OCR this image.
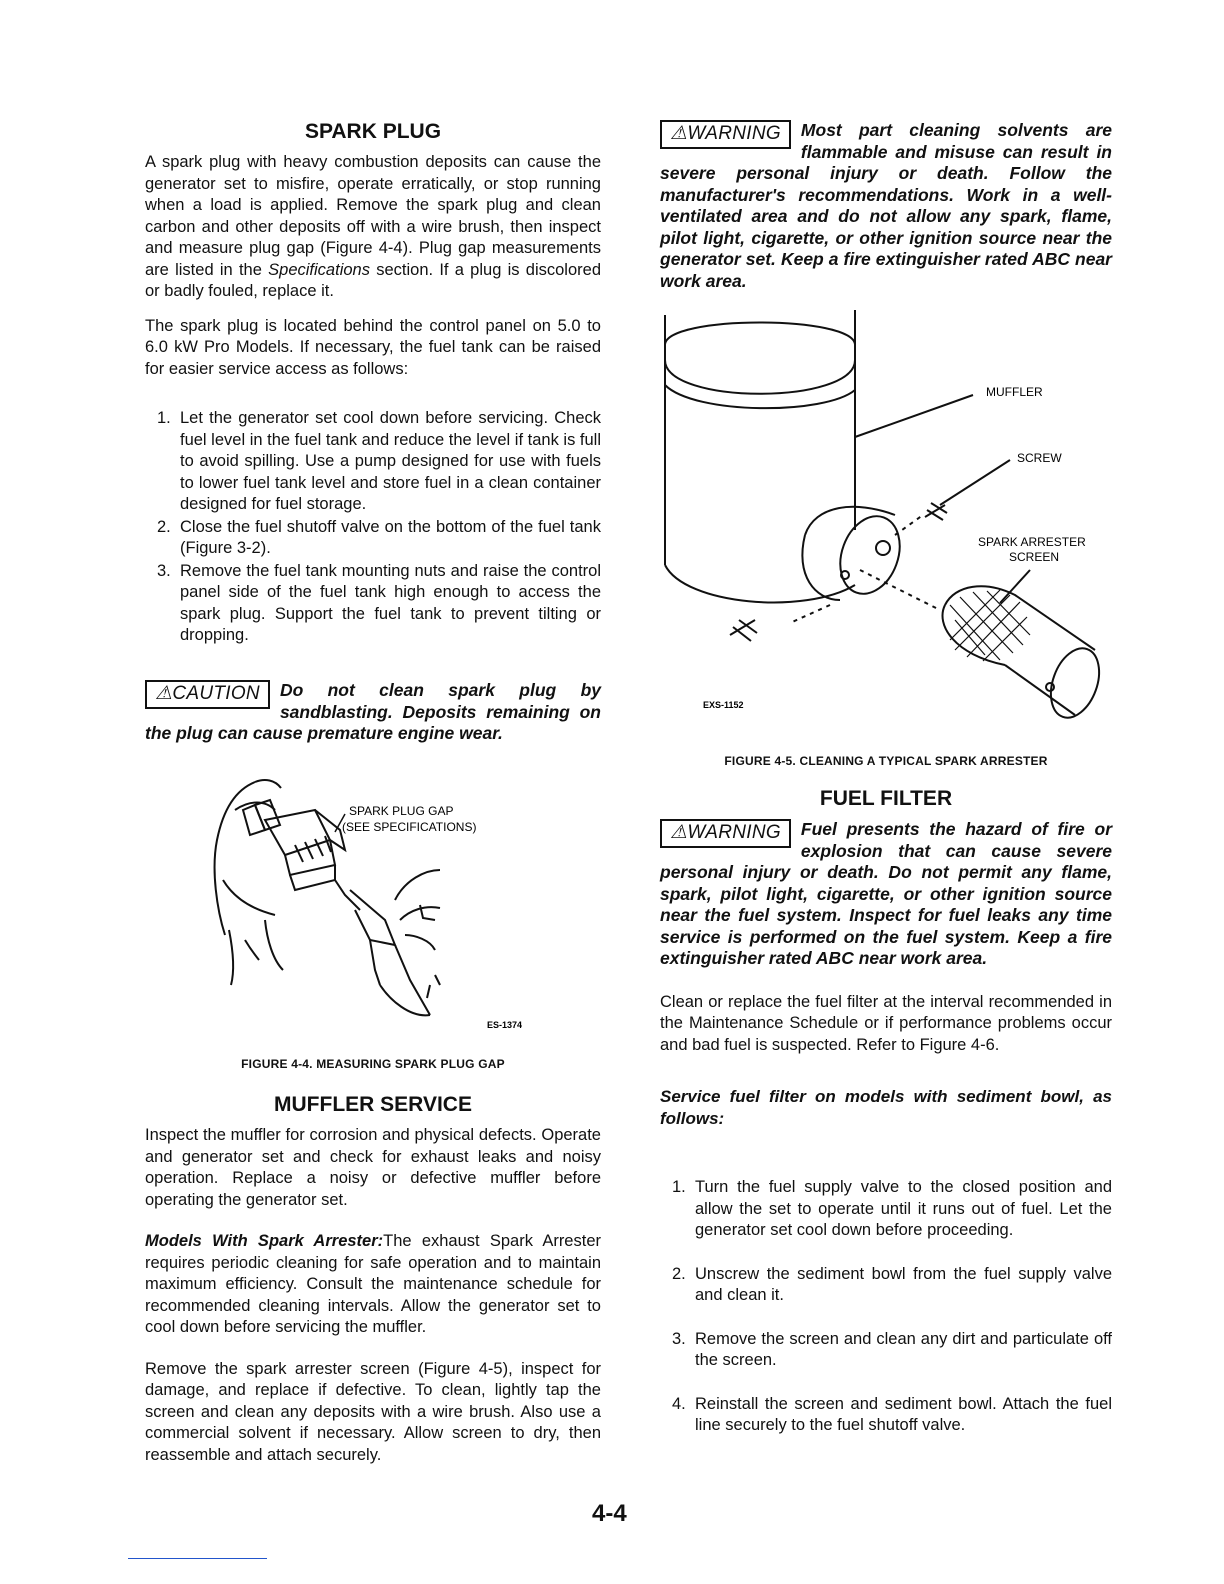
SPARK PLUG

A spark plug with heavy combustion deposits can cause the generator set to misfire, operate erratically, or stop running when a load is applied. Remove the spark plug and clean carbon and other deposits off with a wire brush, then inspect and measure plug gap (Figure 4-4). Plug gap measurements are listed in the Specifications section. If a plug is discolored or badly fouled, replace it.

The spark plug is located behind the control panel on 5.0 to 6.0 kW Pro Models. If necessary, the fuel tank can be raised for easier service access as follows:

1. Let the generator set cool down before servicing. Check fuel level in the fuel tank and reduce the level if tank is full to avoid spilling. Use a pump designed for use with fuels to lower fuel tank level and store fuel in a clean container designed for fuel storage.
2. Close the fuel shutoff valve on the bottom of the fuel tank (Figure 3-2).
3. Remove the fuel tank mounting nuts and raise the control panel side of the fuel tank high enough to access the spark plug. Support the fuel tank to prevent tilting or dropping.

⚠CAUTION	Do not clean spark plug by sandblasting. Deposits remaining on the plug can cause premature engine wear.

SPARK PLUG GAP
(SEE SPECIFICATIONS)
ES-1374
FIGURE 4-4. MEASURING SPARK PLUG GAP
MUFFLER SERVICE

Inspect the muffler for corrosion and physical defects. Operate and generator set and check for exhaust leaks and noisy operation. Replace a noisy or defective muffler before operating the generator set.

Models With Spark Arrester:The exhaust Spark Arrester requires periodic cleaning for safe operation and to maintain maximum efficiency. Consult the maintenance schedule for recommended cleaning intervals. Allow the generator set to cool down before servicing the muffler.

Remove the spark arrester screen (Figure 4-5), inspect for damage, and replace if defective. To clean, lightly tap the screen and clean any deposits with a wire brush. Also use a commercial solvent if necessary. Allow screen to dry, then reassemble and attach securely.

⚠WARNING	Most part cleaning solvents are flammable and misuse can result in severe personal injury or death. Follow the manufacturer's recommendations. Work in a well-ventilated area and do not allow any spark, flame, pilot light, cigarette, or other ignition source near the generator set. Keep a fire extinguisher rated ABC near work area.

MUFFLER
SCREW
SPARK ARRESTER
SCREEN
EXS-1152
FIGURE 4-5. CLEANING A TYPICAL SPARK ARRESTER
FUEL FILTER

⚠WARNING	Fuel presents the hazard of fire or explosion that can cause severe personal injury or death. Do not permit any flame, spark, pilot light, cigarette, or other ignition source near the fuel system. Inspect for fuel leaks any time service is performed on the fuel system. Keep a fire extinguisher rated ABC near work area.

Clean or replace the fuel filter at the interval recommended in the Maintenance Schedule or if performance problems occur and bad fuel is suspected. Refer to Figure 4-6.

Service fuel filter on models with sediment bowl, as follows:

1. Turn the fuel supply valve to the closed position and allow the set to operate until it runs out of fuel. Let the generator set cool down before proceeding.
2. Unscrew the sediment bowl from the fuel supply valve and clean it.
3. Remove the screen and clean any dirt and particulate off the screen.
4. Reinstall the screen and sediment bowl. Attach the fuel line securely to the fuel shutoff valve.
4-4
